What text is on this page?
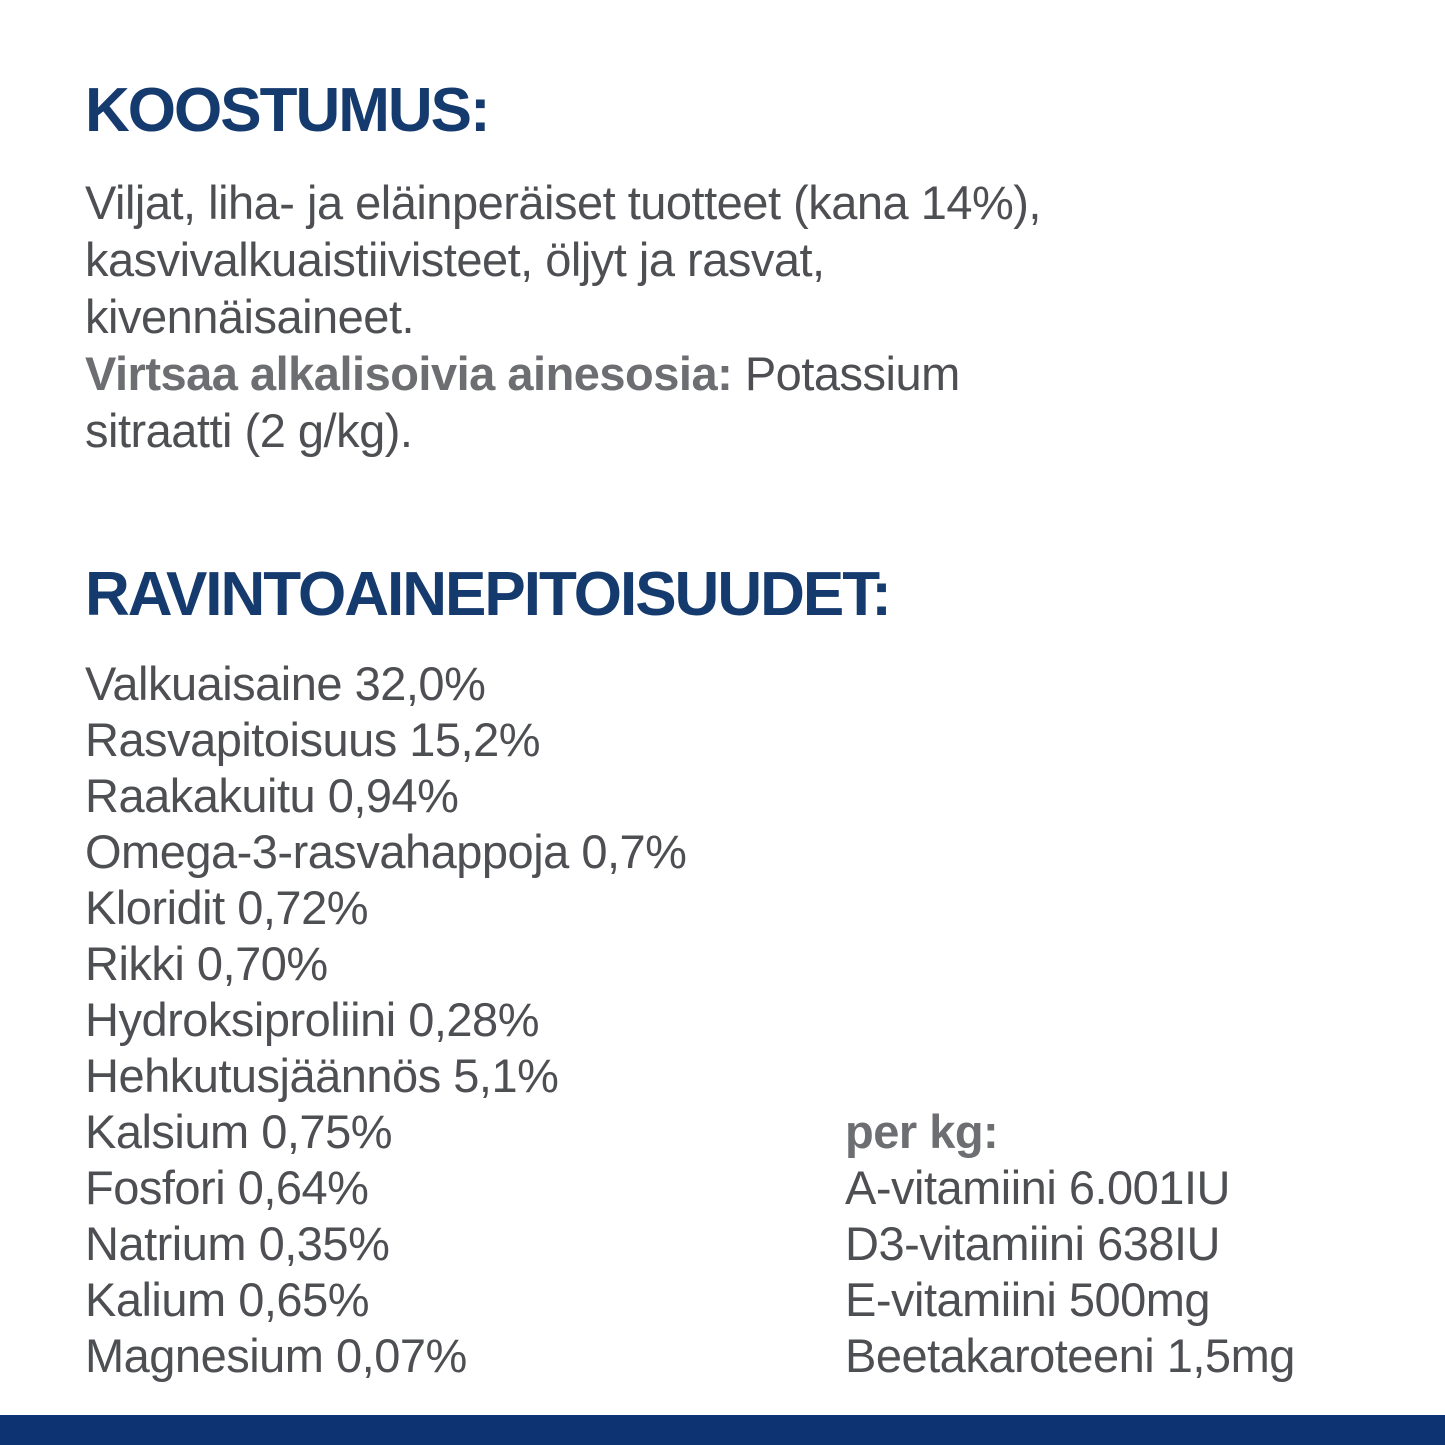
KOOSTUMUS:
Viljat, liha- ja eläinperäiset tuotteet (kana 14%),
kasvivalkuaistiivisteet, öljyt ja rasvat,
kivennäisaineet.
Virtsaa alkalisoivia ainesosia: Potassium
sitraatti (2 g/kg).
RAVINTOAINEPITOISUUDET:
Valkuaisaine 32,0%
Rasvapitoisuus 15,2%
Raakakuitu 0,94%
Omega-3-rasvahappoja 0,7%
Kloridit 0,72%
Rikki 0,70%
Hydroksiproliini 0,28%
Hehkutusjäännös 5,1%
Kalsium 0,75%
Fosfori 0,64%
Natrium 0,35%
Kalium 0,65%
Magnesium 0,07%
per kg:
A-vitamiini 6.001IU
D3-vitamiini 638IU
E-vitamiini 500mg
Beetakaroteeni 1,5mg
